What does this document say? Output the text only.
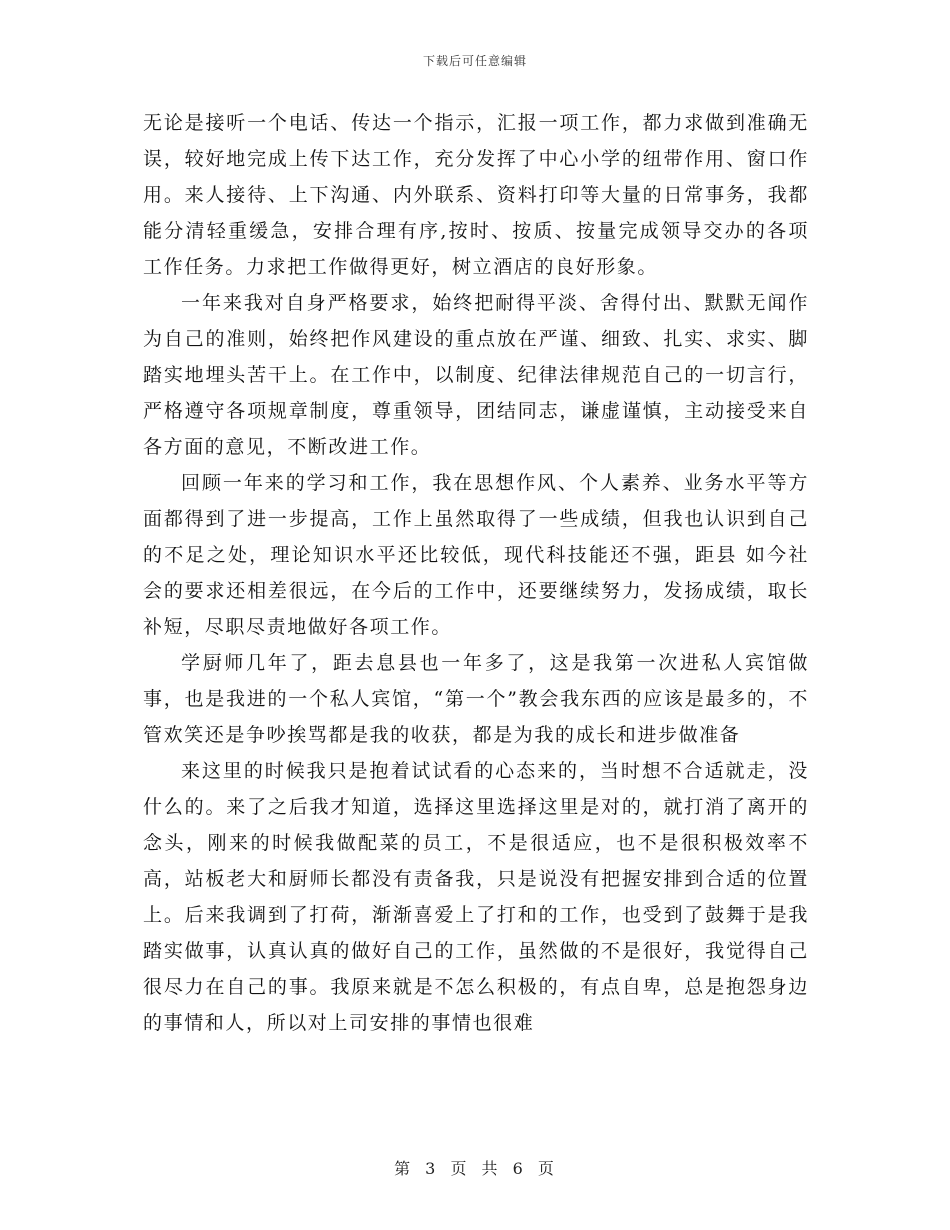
下载后可任意编辑

无论是接听一个电话、传达一个指示，汇报一项工作，都力求做到准确无误，较好地完成上传下达工作，充分发挥了中心小学的纽带作用、窗口作用。来人接待、上下沟通、内外联系、资料打印等大量的日常事务，我都能分清轻重缓急，安排合理有序,按时、按质、按量完成领导交办的各项工作任务。力求把工作做得更好，树立酒店的良好形象。

一年来我对自身严格要求，始终把耐得平淡、舍得付出、默默无闻作为自己的准则，始终把作风建设的重点放在严谨、细致、扎实、求实、脚踏实地埋头苦干上。在工作中，以制度、纪律法律规范自己的一切言行，严格遵守各项规章制度，尊重领导，团结同志，谦虚谨慎，主动接受来自各方面的意见，不断改进工作。

回顾一年来的学习和工作，我在思想作风、个人素养、业务水平等方面都得到了进一步提高，工作上虽然取得了一些成绩，但我也认识到自己的不足之处，理论知识水平还比较低，现代科技能还不强，距县 如今社会的要求还相差很远，在今后的工作中，还要继续努力，发扬成绩，取长补短，尽职尽责地做好各项工作。

学厨师几年了，距去息县也一年多了，这是我第一次进私人宾馆做事，也是我进的一个私人宾馆，“第一个”教会我东西的应该是最多的，不管欢笑还是争吵挨骂都是我的收获，都是为我的成长和进步做准备

来这里的时候我只是抱着试试看的心态来的，当时想不合适就走，没什么的。来了之后我才知道，选择这里选择这里是对的，就打消了离开的念头，刚来的时候我做配菜的员工，不是很适应，也不是很积极效率不高，站板老大和厨师长都没有责备我，只是说没有把握安排到合适的位置上。后来我调到了打荷，渐渐喜爱上了打和的工作，也受到了鼓舞于是我踏实做事，认真认真的做好自己的工作，虽然做的不是很好，我觉得自己很尽力在自己的事。我原来就是不怎么积极的，有点自卑，总是抱怨身边的事情和人，所以对上司安排的事情也很难

第 3 页 共 6 页
